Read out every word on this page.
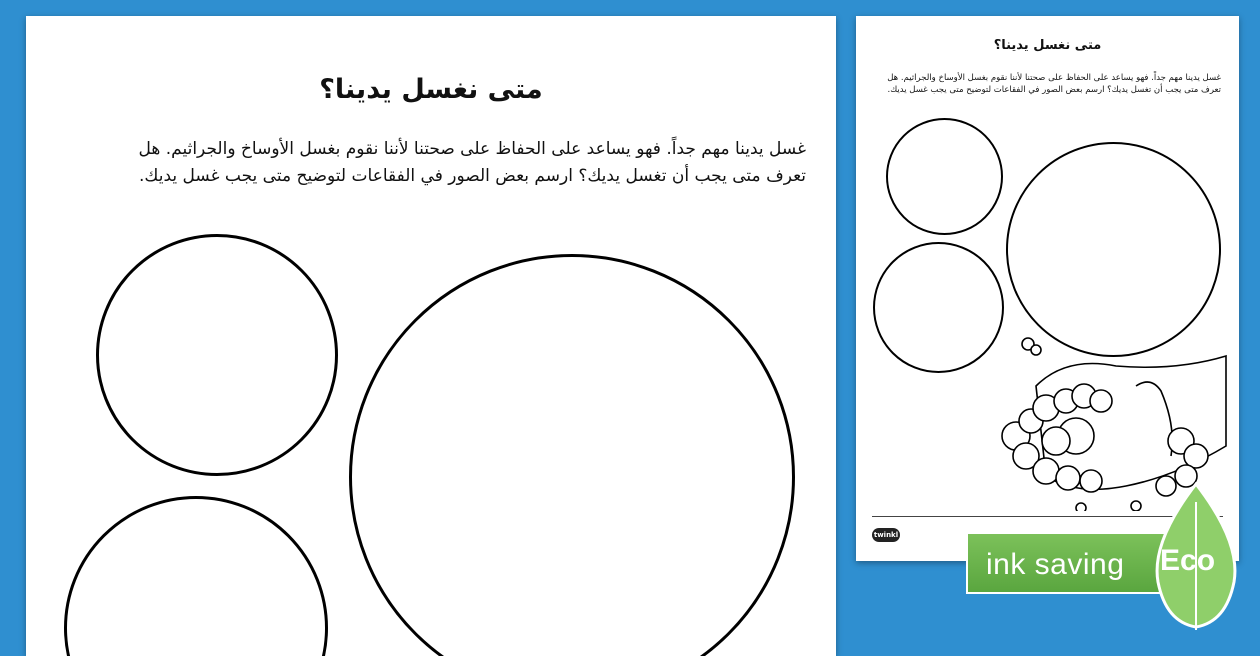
متى نغسل يدينا؟
غسل يدينا مهم جداً. فهو يساعد على الحفاظ على صحتنا لأننا نقوم بغسل الأوساخ والجراثيم. هل تعرف متى يجب أن تغسل يديك؟ ارسم بعض الصور في الفقاعات لتوضيح متى يجب غسل يديك.
متى نغسل يدينا؟
غسل يدينا مهم جداً. فهو يساعد على الحفاظ على صحتنا لأننا نقوم بغسل الأوساخ والجراثيم. هل تعرف متى يجب أن تغسل يديك؟ ارسم بعض الصور في الفقاعات لتوضيح متى يجب غسل يديك.
twinkl
ink saving Eco
